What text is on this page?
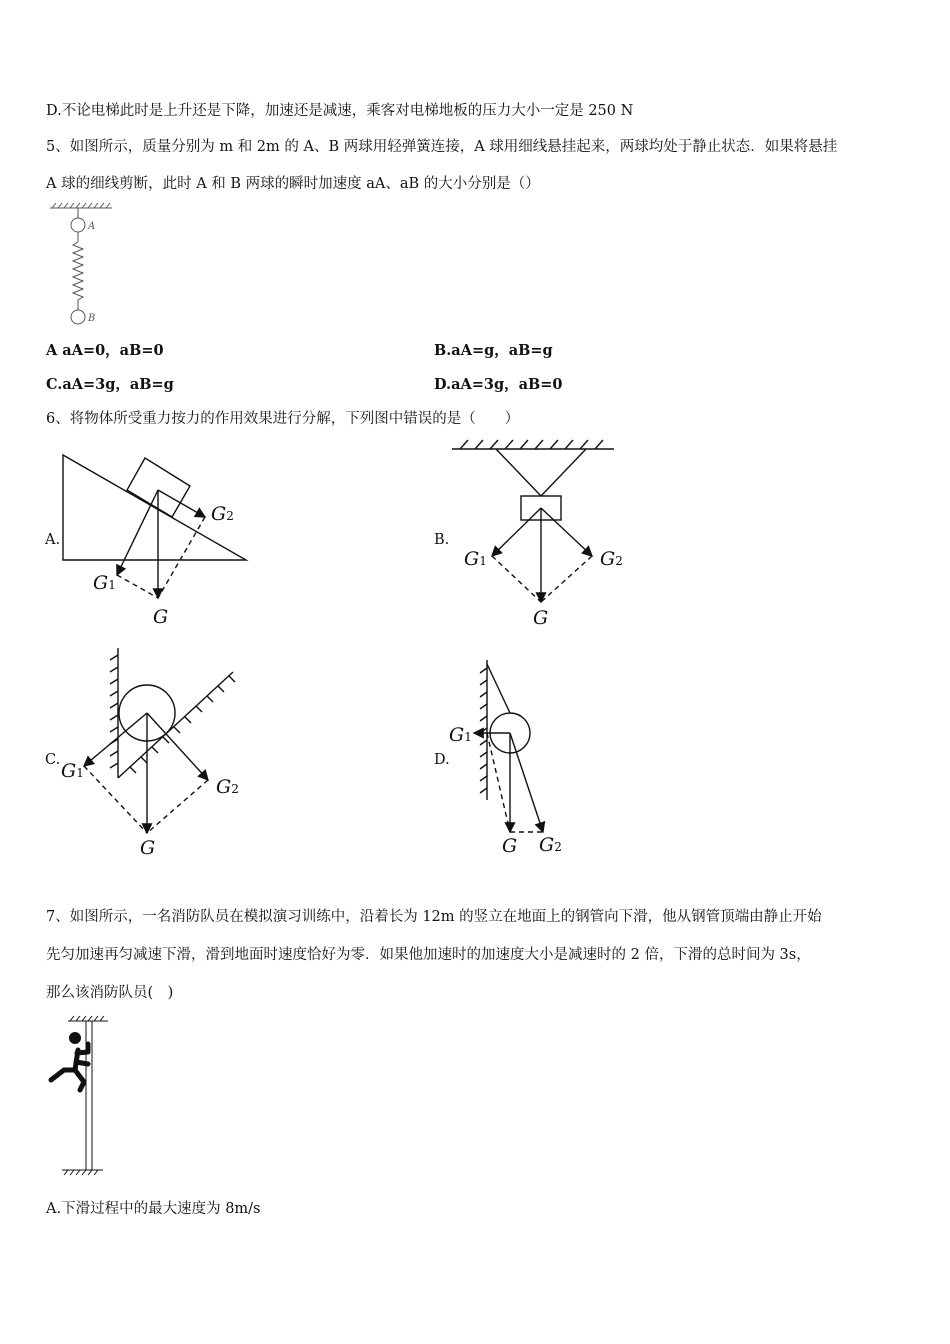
D.不论电梯此时是上升还是下降，加速还是减速，乘客对电梯地板的压力大小一定是 250 N
5、如图所示，质量分别为 m 和 2m 的 A、B 两球用轻弹簧连接，A 球用细线悬挂起来，两球均处于静止状态．如果将悬挂
A 球的细线剪断，此时 A 和 B 两球的瞬时加速度 aA、aB 的大小分别是（）
A
B
A aA=0，aB=0	B.aA=g，aB=g
C.aA=3g，aB=g	D.aA=3g，aB=0
6、将物体所受重力按力的作用效果进行分解，下列图中错误的是（　　）
A.	B.
C.	D.
G1
G2
G
G1	G2
G
G1
G2
G
G1
G2
G
7、如图所示，一名消防队员在模拟演习训练中，沿着长为 12m 的竖立在地面上的钢管向下滑，他从钢管顶端由静止开始
先匀加速再匀减速下滑，滑到地面时速度恰好为零．如果他加速时的加速度大小是减速时的 2 倍，下滑的总时间为 3s，
那么该消防队员(　)
A.下滑过程中的最大速度为 8m/s
